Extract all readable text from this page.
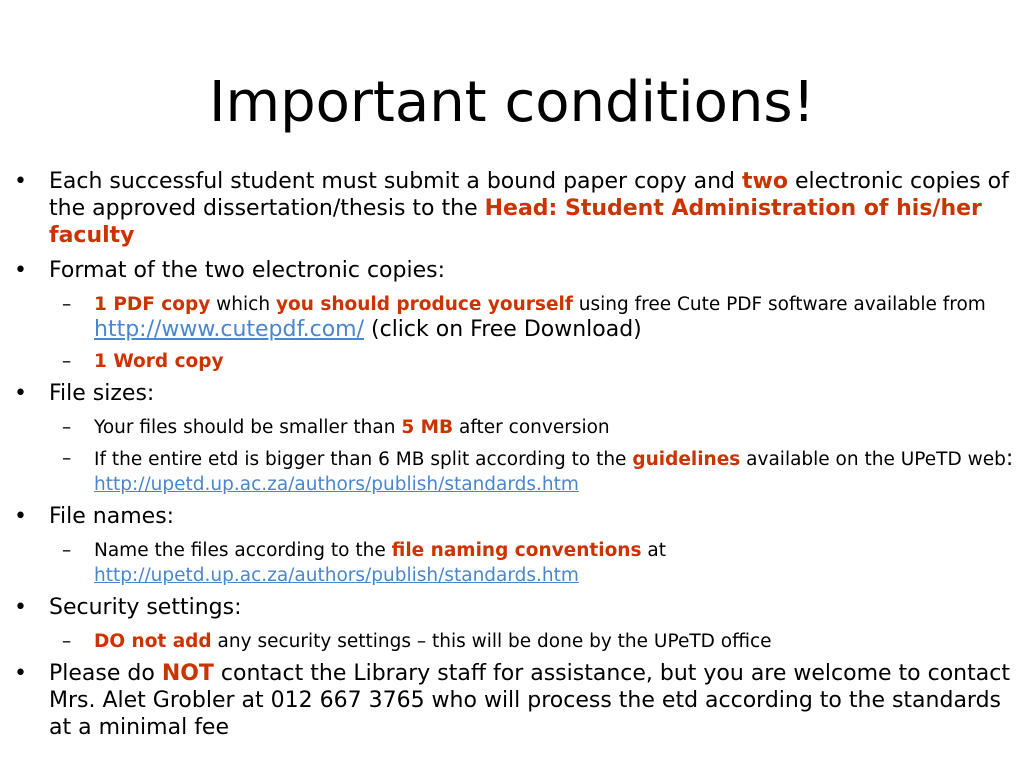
Important conditions!

• Each successful student must submit a bound paper copy and two electronic copies of the approved dissertation/thesis to the Head: Student Administration of his/her faculty

• Format of the two electronic copies:

– 1 PDF copy which you should produce yourself using free Cute PDF software available from http://www.cutepdf.com/ (click on Free Download)

– 1 Word copy

• File sizes:

– Your files should be smaller than 5 MB after conversion

– If the entire etd is bigger than 6 MB split according to the guidelines available on the UPeTD web: http://upetd.up.ac.za/authors/publish/standards.htm

• File names:

– Name the files according to the file naming conventions at http://upetd.up.ac.za/authors/publish/standards.htm

• Security settings:

– DO not add any security settings – this will be done by the UPeTD office

• Please do NOT contact the Library staff for assistance, but you are welcome to contact Mrs. Alet Grobler at 012 667 3765 who will process the etd according to the standards at a minimal fee
